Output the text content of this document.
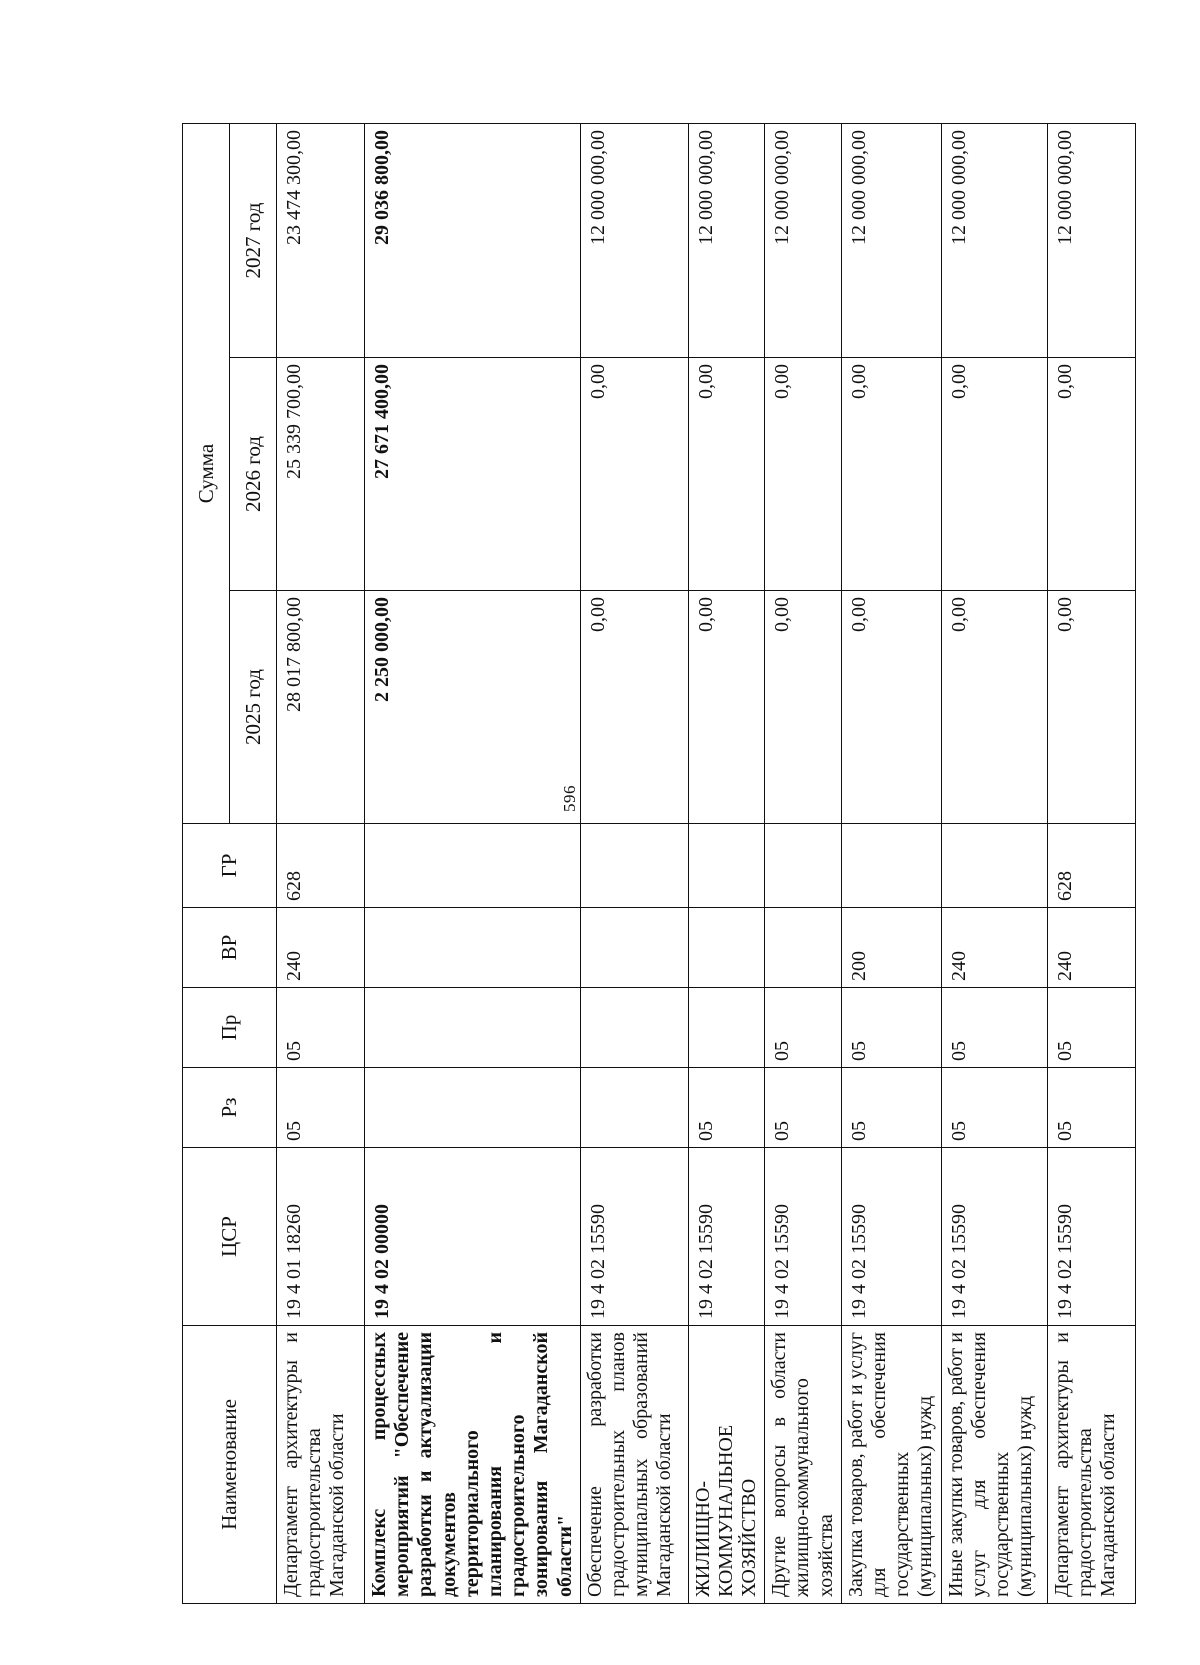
596
Наименование	ЦСР	Рз	Пр	ВР	ГР	Сумма		
						2025 год	2026 год	2027 год
Департамент архитектуры и градостроительства Магаданской области	19 4 01 18260	05	05	240	628	28 017 800,00	25 339 700,00	23 474 300,00
Комплекс процессных мероприятий "Обеспечение разработки и актуализации документов территориального планирования и градостроительного зонирования Магаданской области"	19 4 02 00000					2 250 000,00	27 671 400,00	29 036 800,00
Обеспечение разработки градостроительных планов муниципальных образований Магаданской области	19 4 02 15590					0,00	0,00	12 000 000,00
ЖИЛИЩНО-КОММУНАЛЬНОЕ ХОЗЯЙСТВО	19 4 02 15590	05				0,00	0,00	12 000 000,00
Другие вопросы в области жилищно-коммунального хозяйства	19 4 02 15590	05	05			0,00	0,00	12 000 000,00
Закупка товаров, работ и услуг для обеспечения государственных (муниципальных) нужд	19 4 02 15590	05	05	200		0,00	0,00	12 000 000,00
Иные закупки товаров, работ и услуг для обеспечения государственных (муниципальных) нужд	19 4 02 15590	05	05	240		0,00	0,00	12 000 000,00
Департамент архитектуры и градостроительства Магаданской области	19 4 02 15590	05	05	240	628	0,00	0,00	12 000 000,00
